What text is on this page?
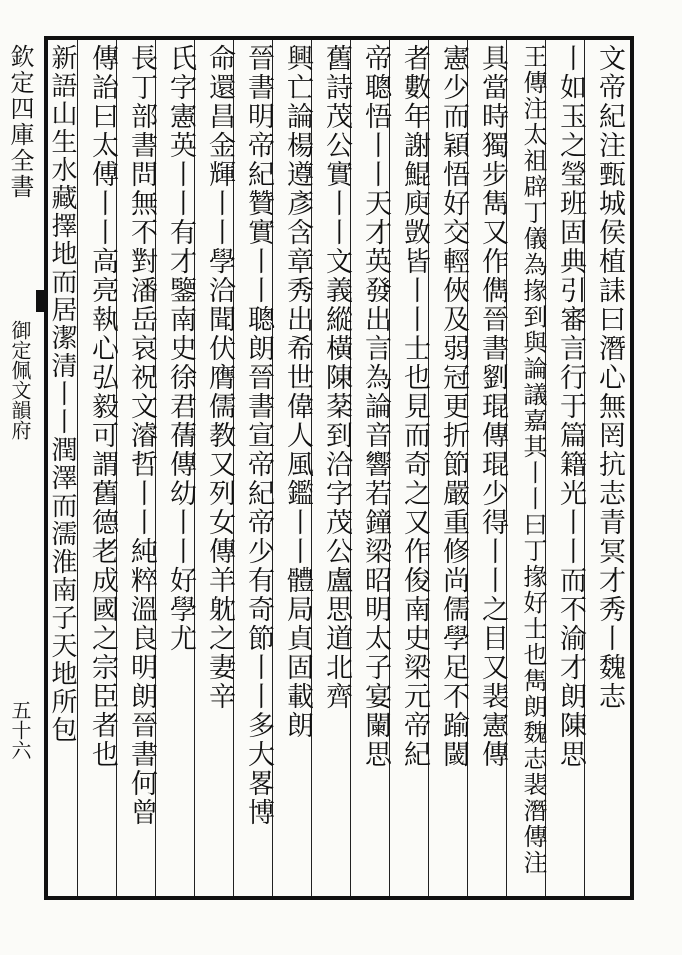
欽定四庫全書
御定佩文韻府
五十六
文帝紀注甄城侯植誄曰潛心無罔抗志青冥才秀丨魏志
丨如玉之瑩班固典引審言行于篇籍光丨丨而不渝才朗陳思
王傳注太祖辟丁儀為掾到與論議嘉其丨丨曰丁掾好士也雋朗魏志裴潛傳注
具當時獨步雋又作儁晉書劉琨傳琨少得丨丨之目又裴憲傳
憲少而穎悟好交輕俠及弱冠更折節嚴重修尚儒學足不踰閾
者數年謝鯤庾敳皆丨丨士也見而奇之又作俊南史梁元帝紀
帝聰悟丨丨天才英發出言為論音響若鐘梁昭明太子宴闌思
舊詩茂公實丨丨文義縱橫陳棻到洽字茂公盧思道北齊
興亡論楊遵彥含章秀出希世偉人風鑑丨丨體局貞固載朗
晉書明帝紀贊實丨丨聰朗晉書宣帝紀帝少有奇節丨丨多大畧博
命還昌金輝丨丨學洽聞伏膺儒教又列女傳羊躭之妻辛
氏字憲英丨丨有才鑒南史徐君蒨傳幼丨丨好學尤
長丁部書問無不對潘岳哀祝文濬哲丨丨純粹溫良明朗晉書何曾
傳詒曰太傅丨丨高亮執心弘毅可謂舊德老成國之宗臣者也
新語山生水藏擇地而居潔清丨丨潤澤而濡淮南子天地所包
